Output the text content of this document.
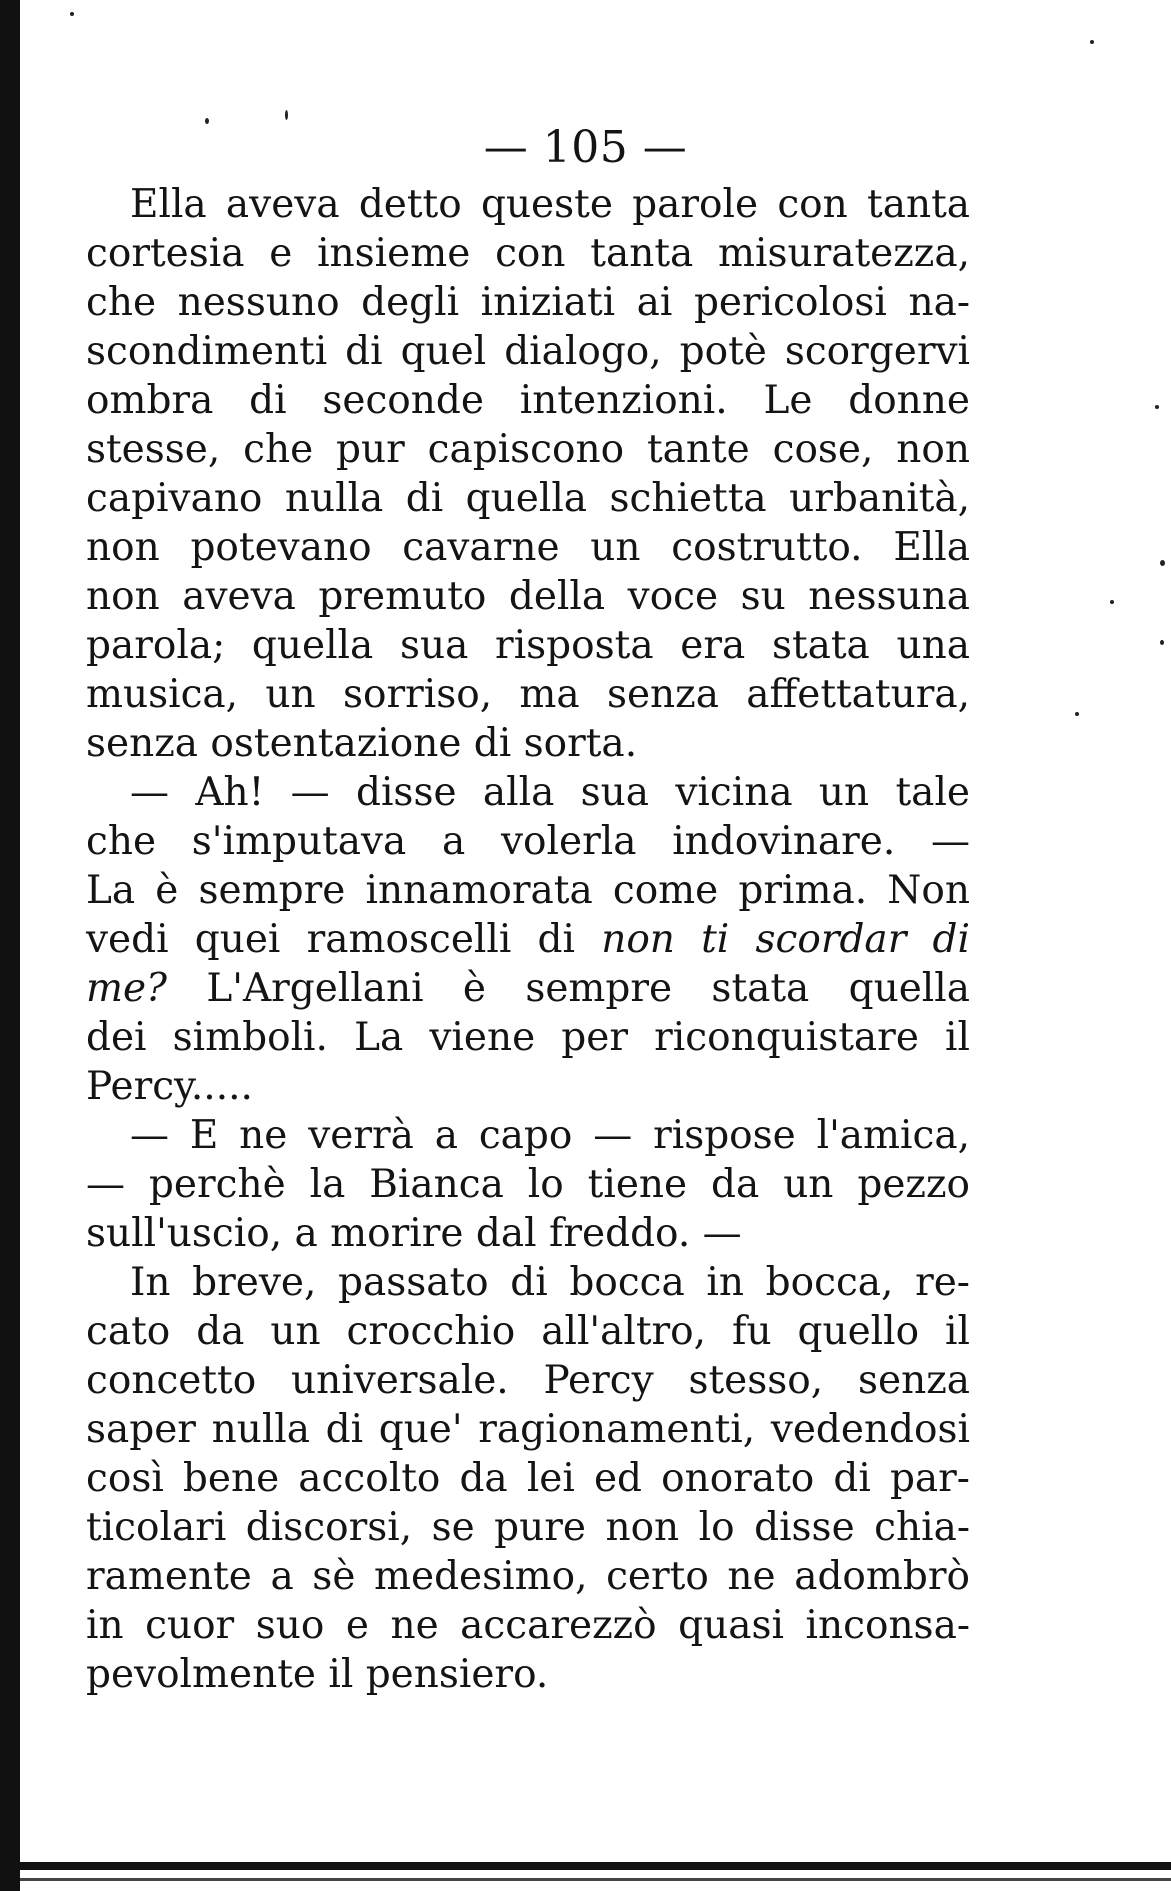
— 105 —
Ella aveva detto queste parole con tanta
cortesia e insieme con tanta misuratezza,
che nessuno degli iniziati ai pericolosi na-
scondimenti di quel dialogo, potè scorgervi
ombra di seconde intenzioni. Le donne
stesse, che pur capiscono tante cose, non
capivano nulla di quella schietta urbanità,
non potevano cavarne un costrutto. Ella
non aveva premuto della voce su nessuna
parola; quella sua risposta era stata una
musica, un sorriso, ma senza affettatura,
senza ostentazione di sorta.
— Ah! — disse alla sua vicina un tale
che s'imputava a volerla indovinare. —
La è sempre innamorata come prima. Non
vedi quei ramoscelli di non ti scordar di
me? L'Argellani è sempre stata quella
dei simboli. La viene per riconquistare il
Percy.....
— E ne verrà a capo — rispose l'amica,
— perchè la Bianca lo tiene da un pezzo
sull'uscio, a morire dal freddo. —
In breve, passato di bocca in bocca, re-
cato da un crocchio all'altro, fu quello il
concetto universale. Percy stesso, senza
saper nulla di que' ragionamenti, vedendosi
così bene accolto da lei ed onorato di par-
ticolari discorsi, se pure non lo disse chia-
ramente a sè medesimo, certo ne adombrò
in cuor suo e ne accarezzò quasi inconsa-
pevolmente il pensiero.
